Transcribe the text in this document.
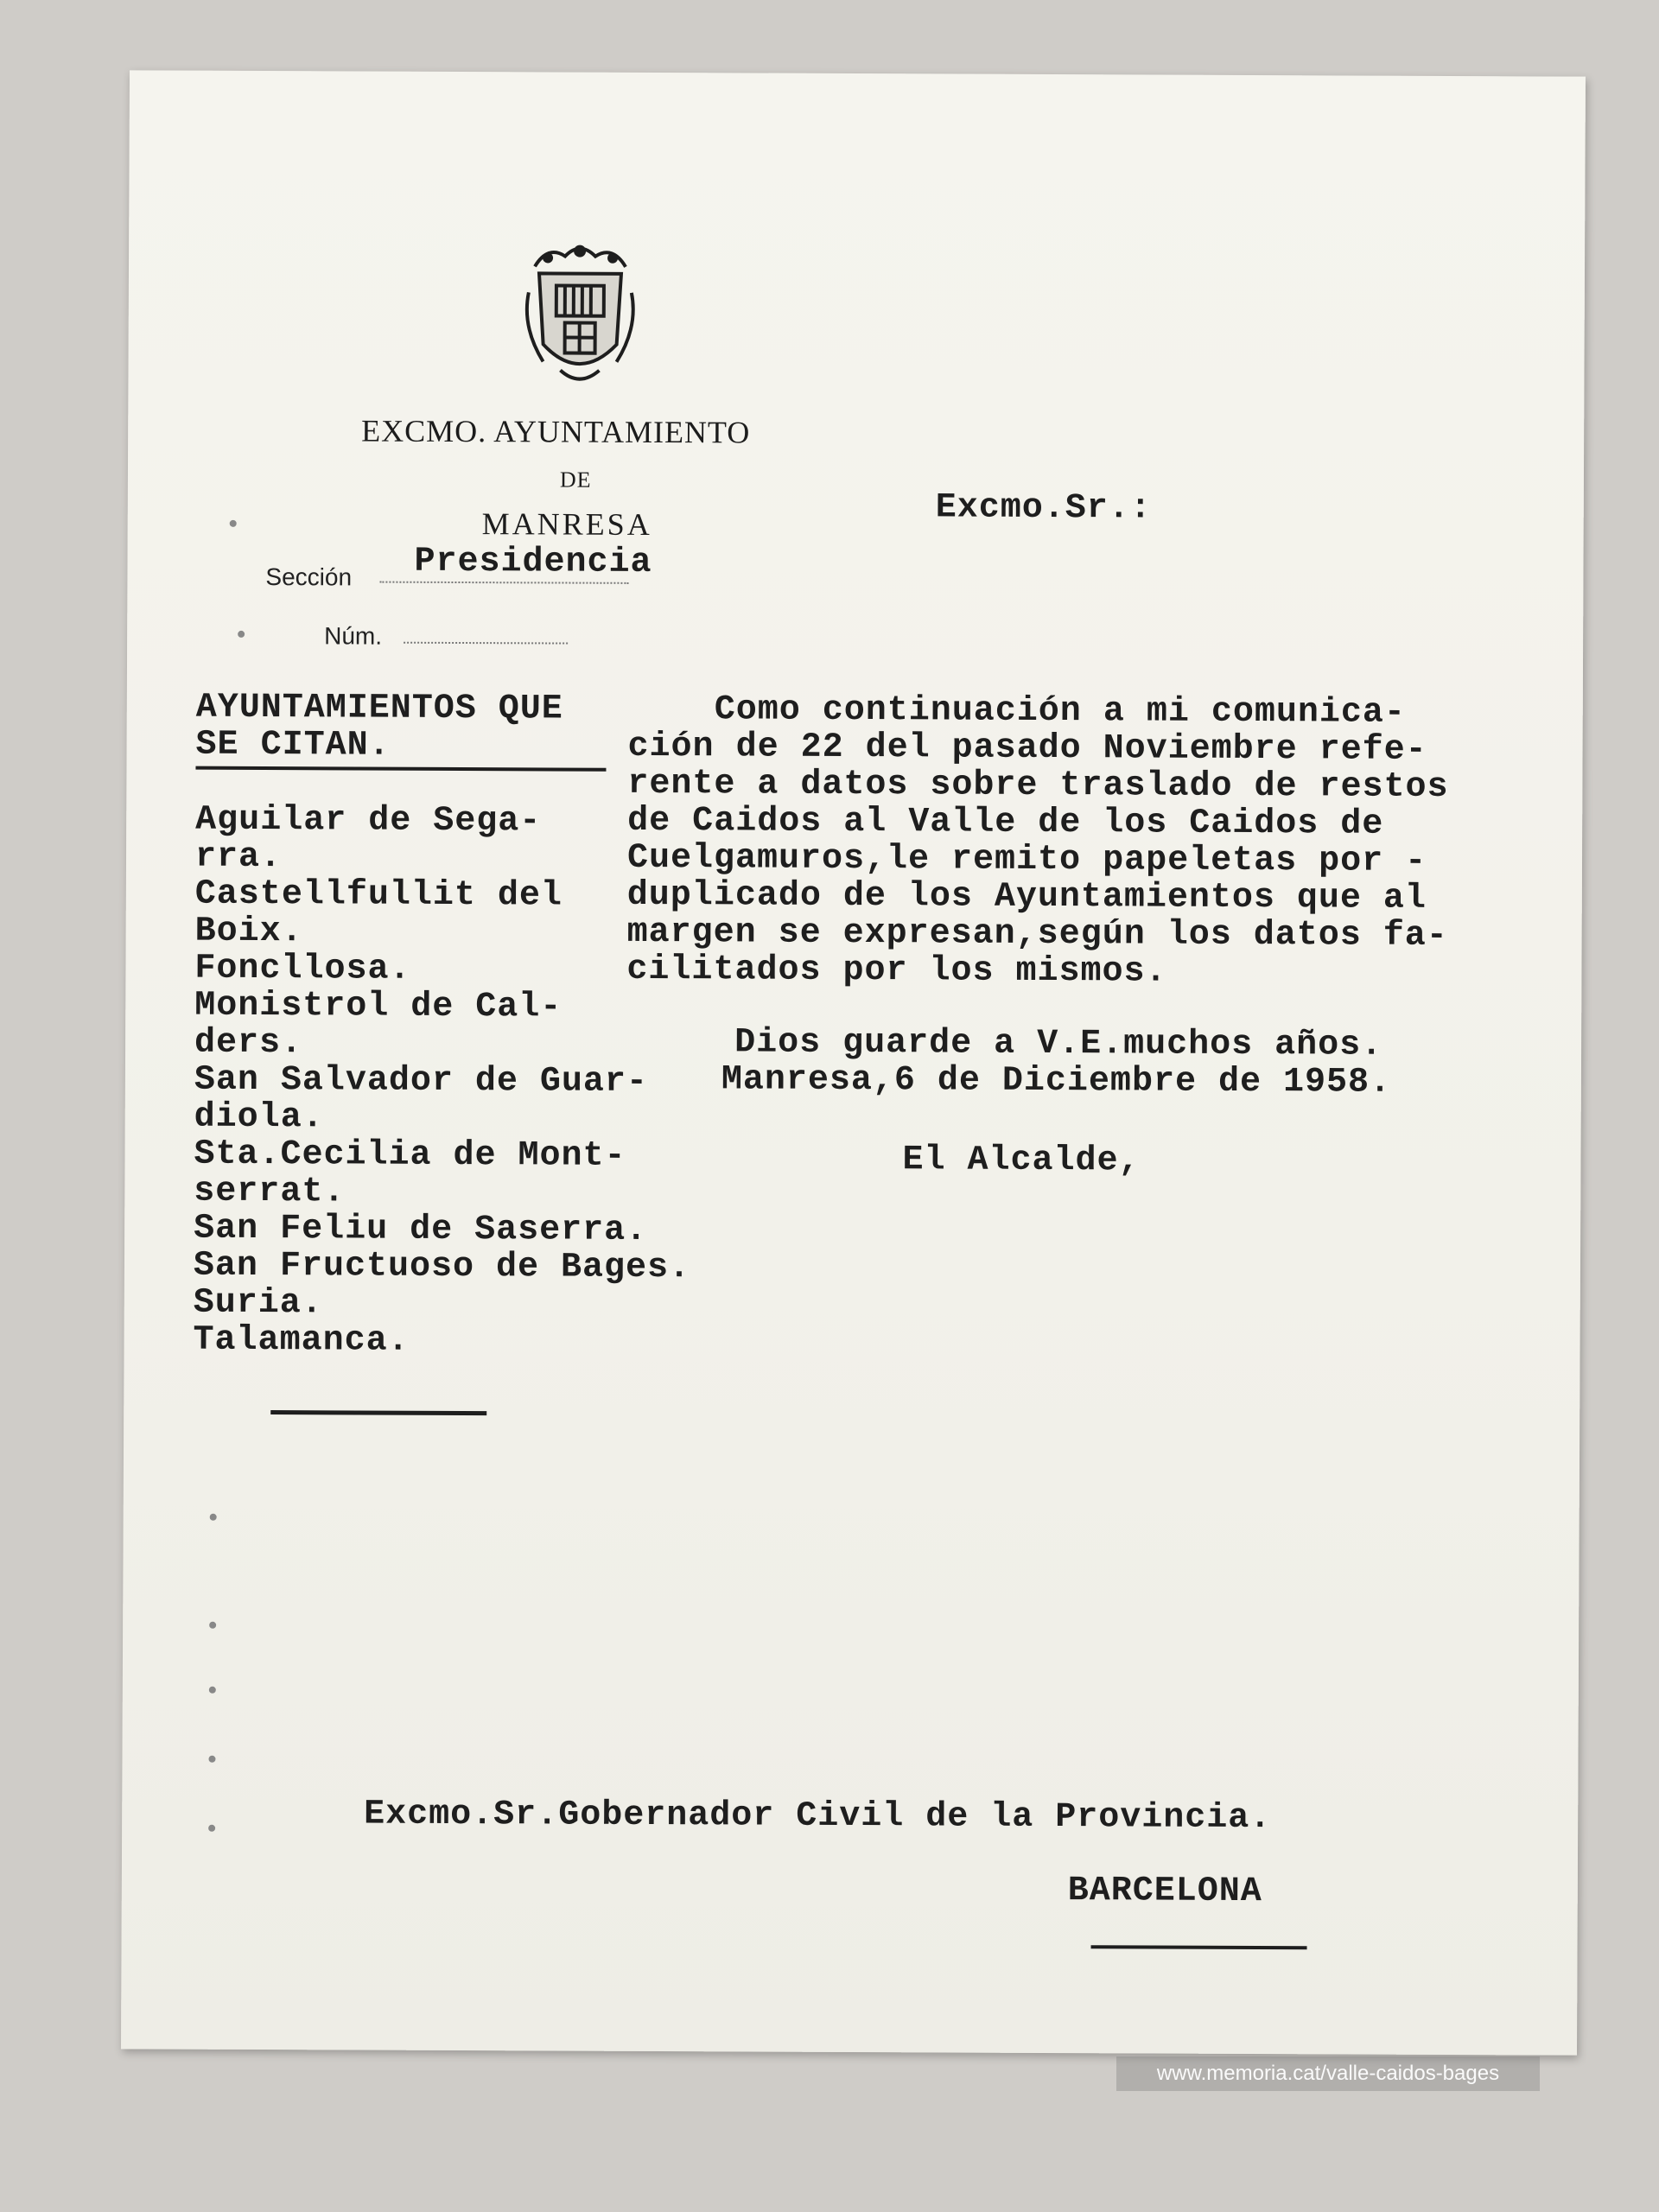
EXCMO. AYUNTAMIENTO
DE
MANRESA
Sección Presidencia
Núm.
Excmo.Sr.:
AYUNTAMIENTOS QUE
SE CITAN.
Aguilar de Sega-
rra.
Castellfullit del
Boix.
Foncllosa.
Monistrol de Cal-
ders.
San Salvador de Guar-
diola.
Sta.Cecilia de Mont-
serrat.
San Feliu de Saserra.
San Fructuoso de Bages.
Suria.
Talamanca.
Como continuación a mi comunica-
ción de 22 del pasado Noviembre refe-
rente a datos sobre traslado de restos
de Caidos al Valle de los Caidos de
Cuelgamuros,le remito papeletas por -
duplicado de los Ayuntamientos que al
margen se expresan,según los datos fa-
cilitados por los mismos.
Dios guarde a V.E.muchos años.
Manresa,6 de Diciembre de 1958.
El Alcalde,
Excmo.Sr.Gobernador Civil de la Provincia.
BARCELONA
www.memoria.cat/valle-caidos-bages
